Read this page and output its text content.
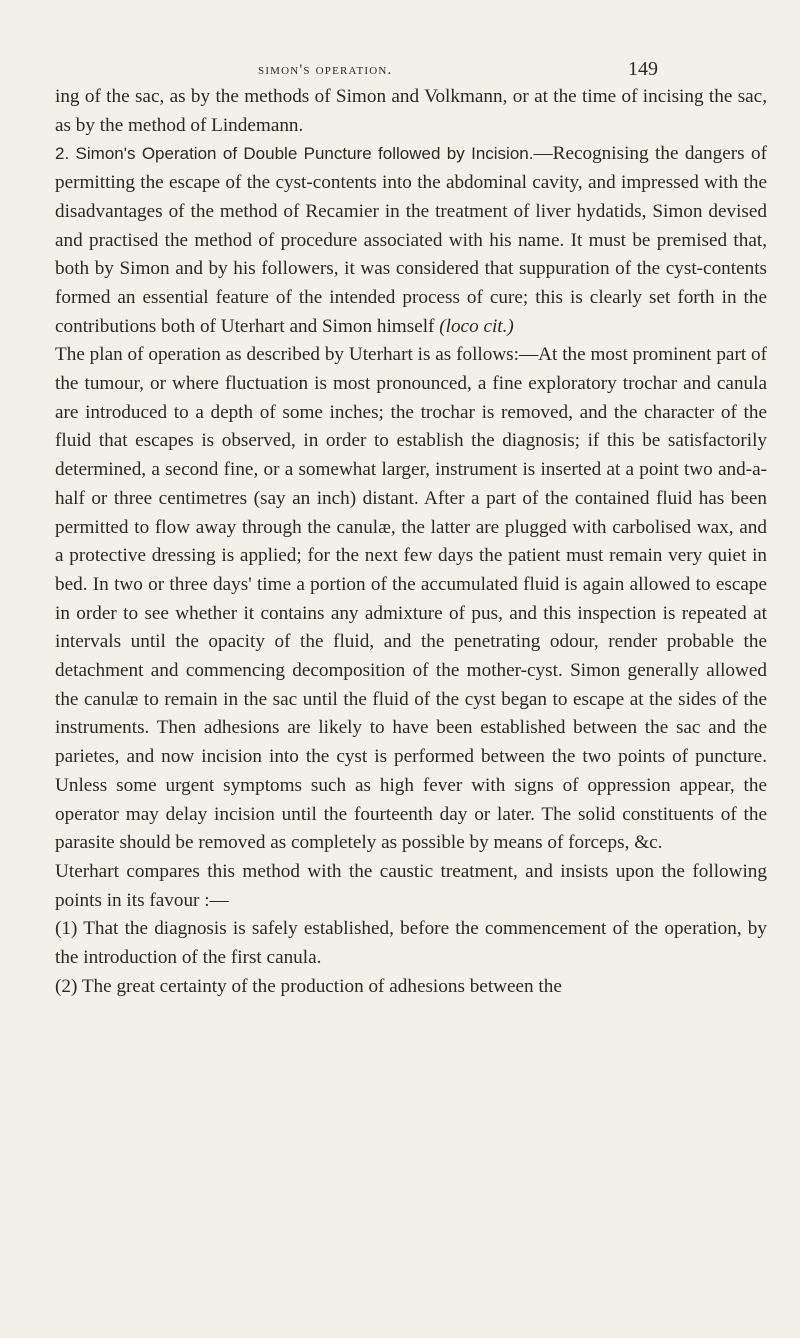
simon's operation.	149

ing of the sac, as by the methods of Simon and Volkmann, or at the time of incising the sac, as by the method of Lindemann.

2. Simon's Operation of Double Puncture followed by Incision.—Recognising the dangers of permitting the escape of the cyst-contents into the abdominal cavity, and impressed with the disadvantages of the method of Recamier in the treatment of liver hydatids, Simon devised and practised the method of procedure associated with his name. It must be premised that, both by Simon and by his followers, it was considered that suppuration of the cyst-contents formed an essential feature of the intended process of cure; this is clearly set forth in the contributions both of Uterhart and Simon himself (loco cit.)

The plan of operation as described by Uterhart is as follows:—At the most prominent part of the tumour, or where fluctuation is most pronounced, a fine exploratory trochar and canula are introduced to a depth of some inches; the trochar is removed, and the character of the fluid that escapes is observed, in order to establish the diagnosis; if this be satisfactorily determined, a second fine, or a somewhat larger, instrument is inserted at a point two and-a-half or three centimetres (say an inch) distant. After a part of the contained fluid has been permitted to flow away through the canulæ, the latter are plugged with carbolised wax, and a protective dressing is applied; for the next few days the patient must remain very quiet in bed. In two or three days' time a portion of the accumulated fluid is again allowed to escape in order to see whether it contains any admixture of pus, and this inspection is repeated at intervals until the opacity of the fluid, and the penetrating odour, render probable the detachment and commencing decomposition of the mother-cyst. Simon generally allowed the canulæ to remain in the sac until the fluid of the cyst began to escape at the sides of the instruments. Then adhesions are likely to have been established between the sac and the parietes, and now incision into the cyst is performed between the two points of puncture. Unless some urgent symptoms such as high fever with signs of oppression appear, the operator may delay incision until the fourteenth day or later. The solid constituents of the parasite should be removed as completely as possible by means of forceps, &c.

Uterhart compares this method with the caustic treatment, and insists upon the following points in its favour :—

(1) That the diagnosis is safely established, before the commencement of the operation, by the introduction of the first canula.

(2) The great certainty of the production of adhesions between the
